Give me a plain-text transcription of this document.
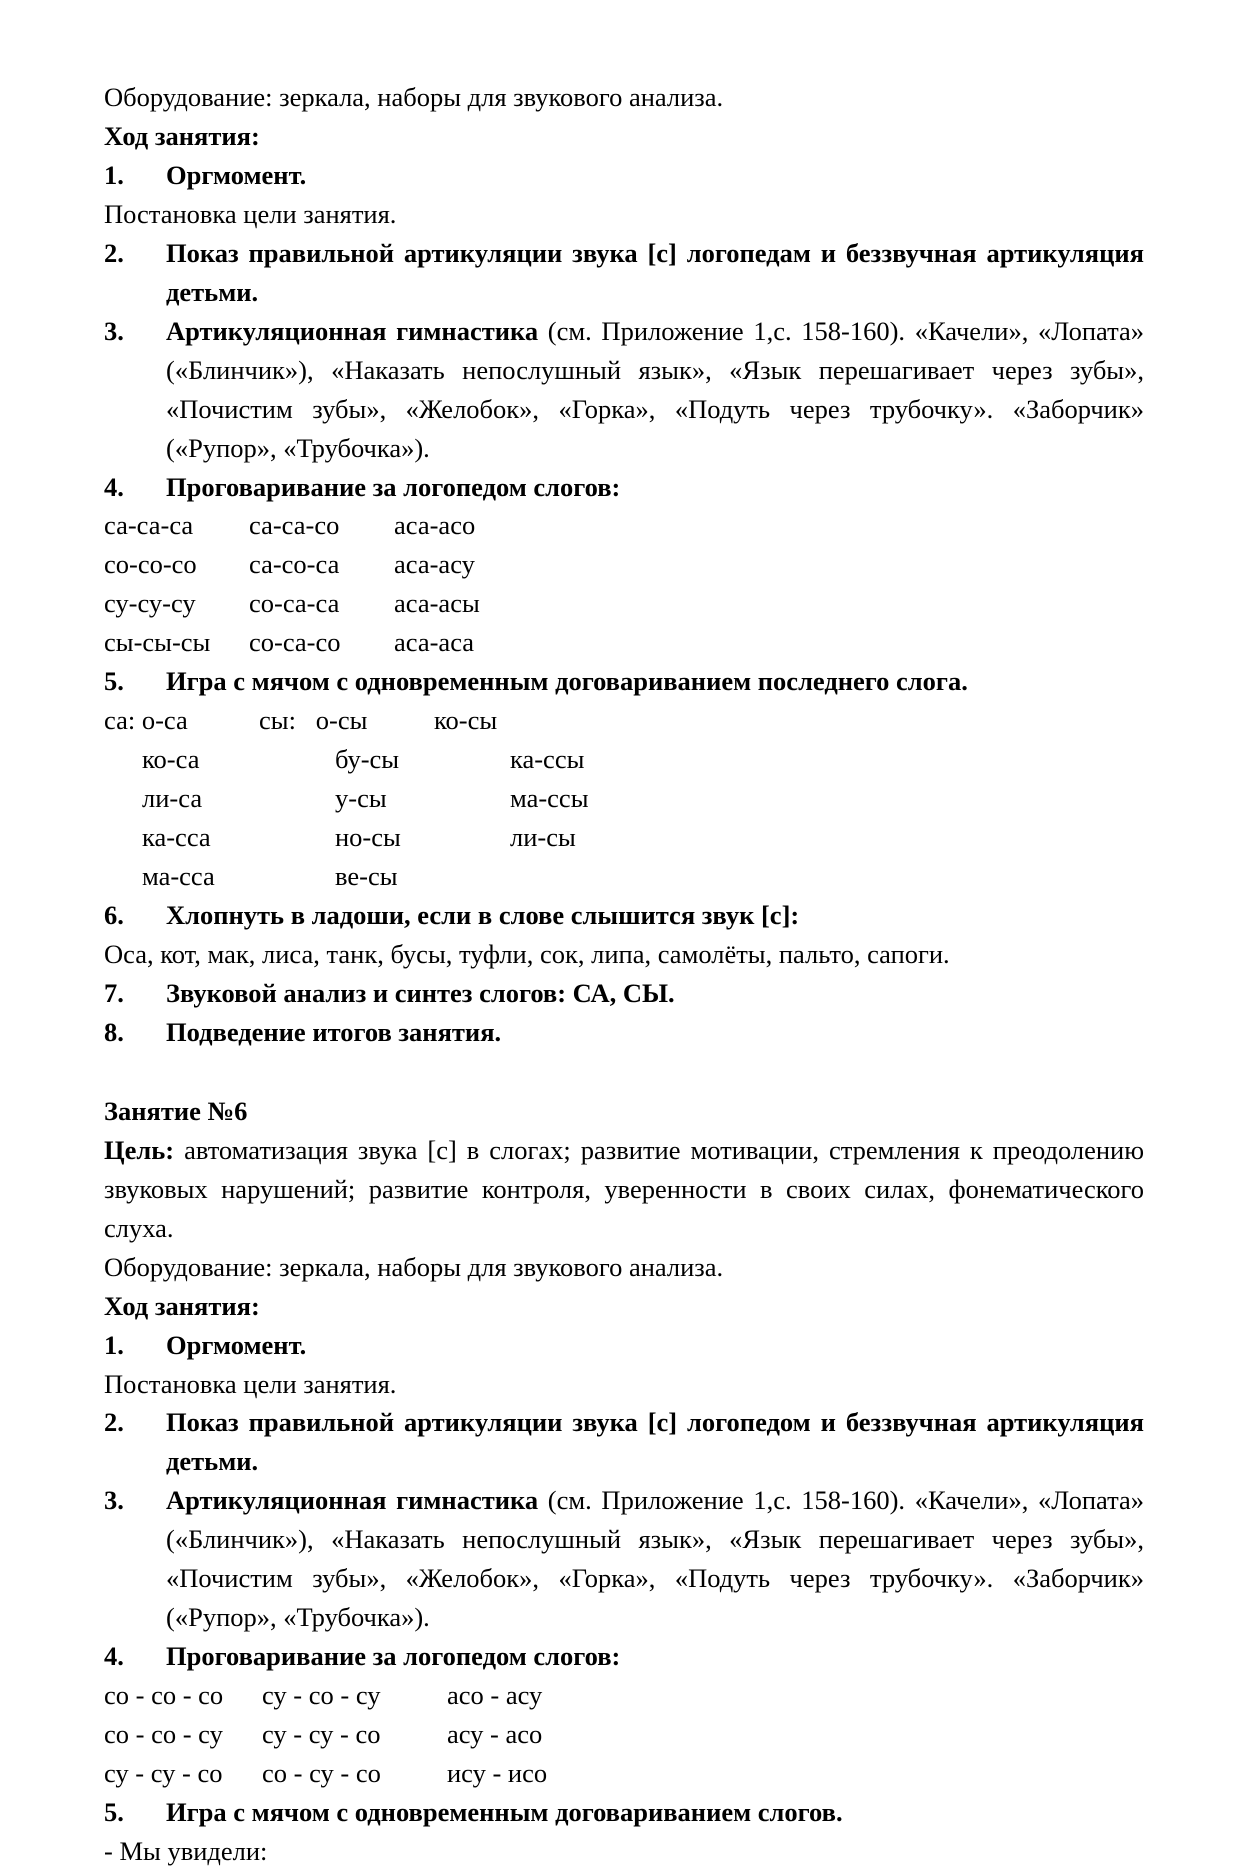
Оборудование: зеркала, наборы для звукового анализа.

Ход занятия:

1. Оргмомент.

Постановка цели занятия.

2. Показ правильной артикуляции звука [с] логопедам и беззвучная артикуляция детьми.
3. Артикуляционная гимнастика (см. Приложение 1,с. 158-160). «Качели», «Лопата» («Блинчик»), «Наказать непослушный язык», «Язык перешагивает через зубы», «Почистим зубы», «Желобок», «Горка», «Подуть через трубочку». «Заборчик» («Рупор», «Трубочка»).
4. Проговаривание за логопедом слогов:
са-са-са	са-са-со	аса-асо
со-со-со	са-со-са	аса-асу
су-су-су	со-са-са	аса-асы
сы-сы-сы	со-са-со	аса-аса
5. Игра с мячом с одновременным договариванием последнего слога.
са: о-са	сы:   о-сы	ко-сы
ко-са	бу-сы	ка-ссы
ли-са	у-сы	ма-ссы
ка-сса	но-сы	ли-сы
ма-сса	ве-сы
6. Хлопнуть в ладоши, если в слове слышится звук [с]:

Оса, кот, мак, лиса, танк, бусы, туфли, сок, липа, самолёты, пальто, сапоги.

7. Звуковой анализ и синтез слогов: СА, СЫ.
8. Подведение итогов занятия.

Занятие №6

Цель: автоматизация звука [с] в слогах; развитие мотивации, стремления к преодолению звуковых нарушений; развитие контроля, уверенности в своих силах, фонематического слуха.

Оборудование: зеркала, наборы для звукового анализа.

Ход занятия:

1. Оргмомент.

Постановка цели занятия.

2. Показ правильной артикуляции звука [с] логопедом и беззвучная артикуляция детьми.
3. Артикуляционная гимнастика (см. Приложение 1,с. 158-160). «Качели», «Лопата» («Блинчик»), «Наказать непослушный язык», «Язык перешагивает через зубы», «Почистим зубы», «Желобок», «Горка», «Подуть через трубочку». «Заборчик» («Рупор», «Трубочка»).
4. Проговаривание за логопедом слогов:
со - со - со	су - со - су	асо - асу
со - со - су	су - су - со	асу - асо
су - су - со	со - су - со	ису - исо
5. Игра с мячом с одновременным договариванием слогов.

- Мы увидели:
